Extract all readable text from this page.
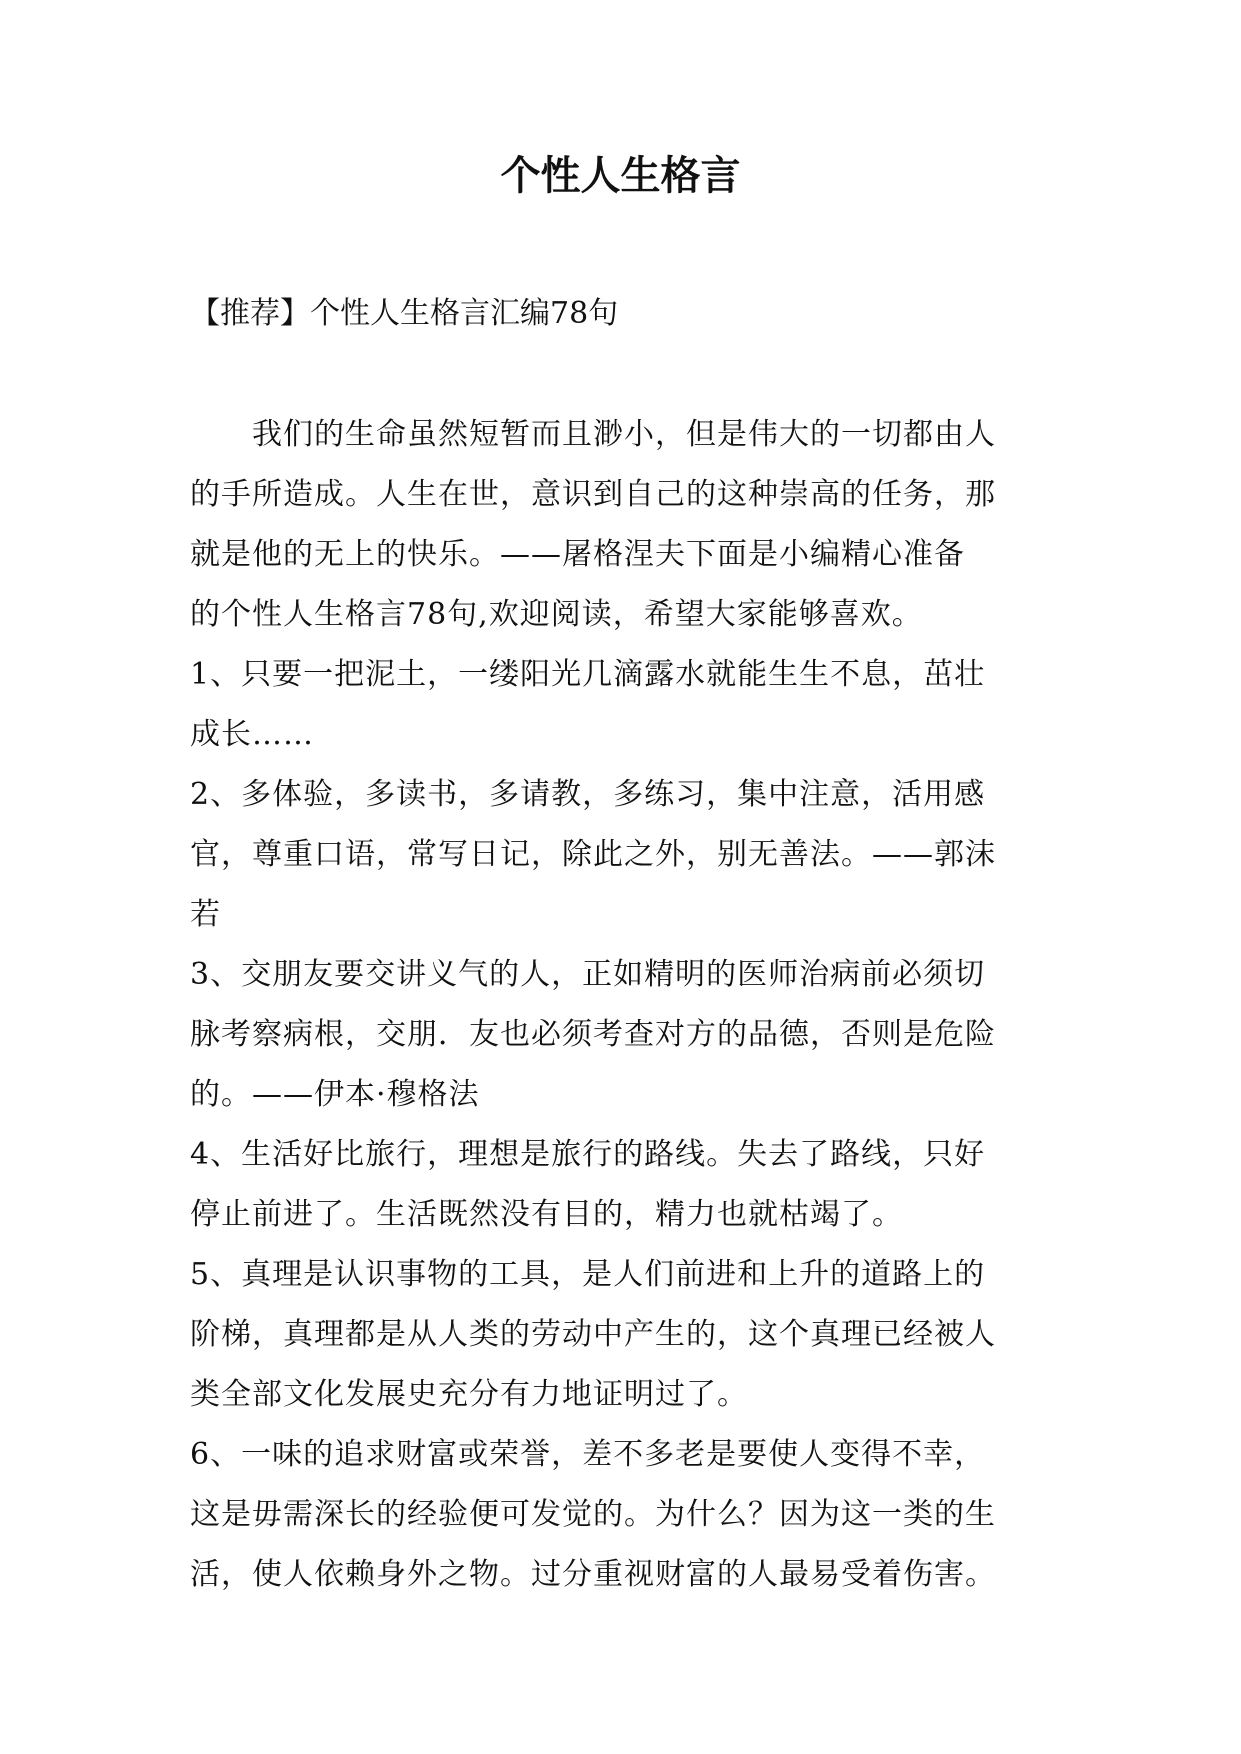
个性人生格言

【推荐】个性人生格言汇编78句

我们的生命虽然短暂而且渺小，但是伟大的一切都由人
的手所造成。人生在世，意识到自己的这种崇高的任务，那
就是他的无上的快乐。——屠格涅夫下面是小编精心准备
的个性人生格言78句,欢迎阅读，希望大家能够喜欢。
1、只要一把泥土，一缕阳光几滴露水就能生生不息，茁壮
成长……
2、多体验，多读书，多请教，多练习，集中注意，活用感
官，尊重口语，常写日记，除此之外，别无善法。——郭沫
若
3、交朋友要交讲义气的人，正如精明的医师治病前必须切
脉考察病根，交朋．友也必须考查对方的品德，否则是危险
的。——伊本·穆格法
4、生活好比旅行，理想是旅行的路线。失去了路线，只好
停止前进了。生活既然没有目的，精力也就枯竭了。
5、真理是认识事物的工具，是人们前进和上升的道路上的
阶梯，真理都是从人类的劳动中产生的，这个真理已经被人
类全部文化发展史充分有力地证明过了。
6、一味的追求财富或荣誉，差不多老是要使人变得不幸，
这是毋需深长的经验便可发觉的。为什么？因为这一类的生
活，使人依赖身外之物。过分重视财富的人最易受着伤害。
